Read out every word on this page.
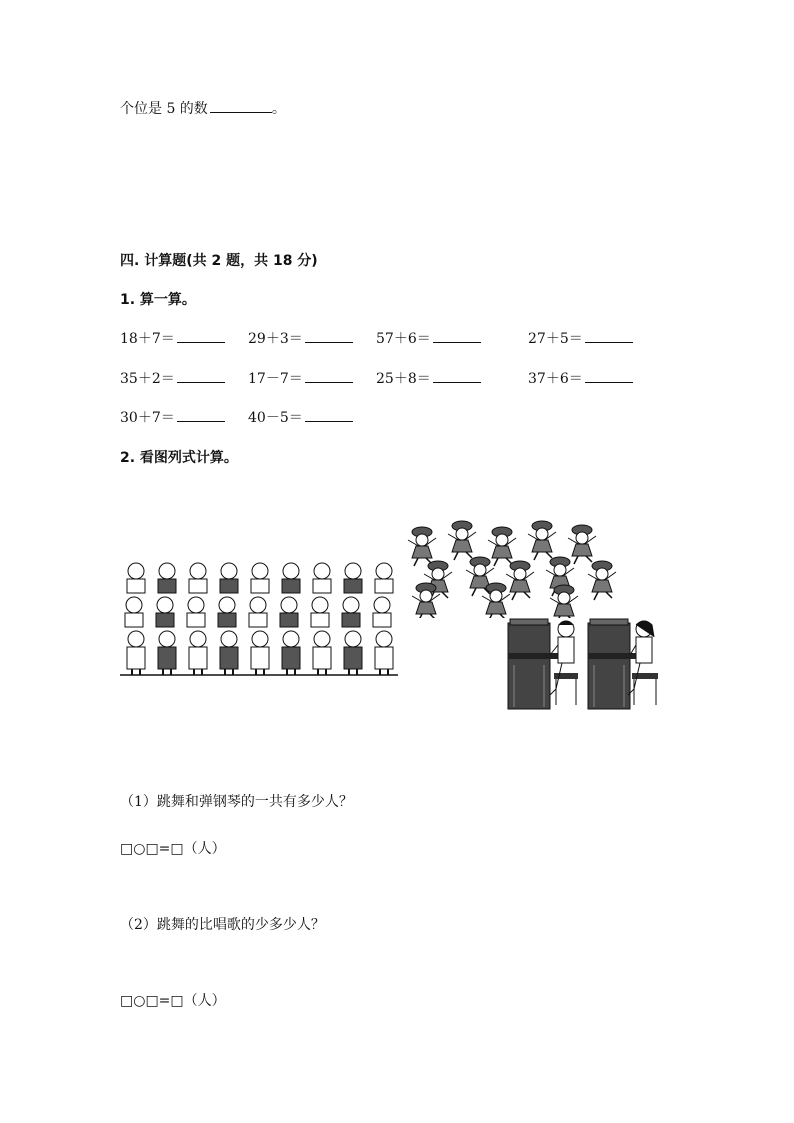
个位是 5 的数	。
四. 计算题(共 2 题，共 18 分)
1. 算一算。
18＋7＝	29＋3＝	57＋6＝	27＋5＝
35＋2＝	17－7＝	25＋8＝	37＋6＝
30＋7＝	40－5＝
2. 看图列式计算。
（1）跳舞和弹钢琴的一共有多少人？
□○□=□（人）
（2）跳舞的比唱歌的少多少人？
□○□=□（人）
